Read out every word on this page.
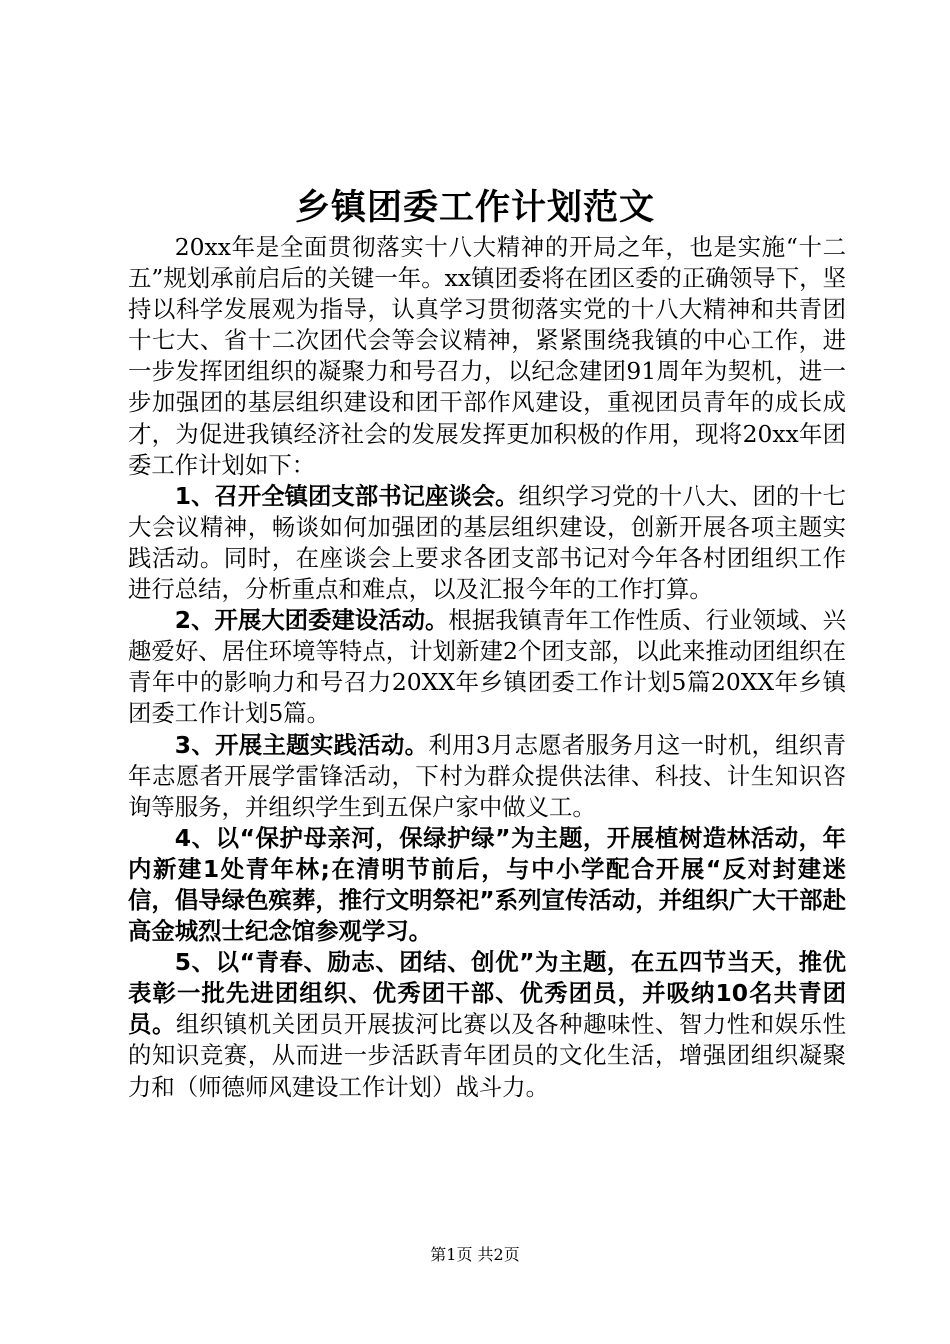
乡镇团委工作计划范文

20xx年是全面贯彻落实十八大精神的开局之年，也是实施“十二五”规划承前启后的关键一年。xx镇团委将在团区委的正确领导下，坚持以科学发展观为指导，认真学习贯彻落实党的十八大精神和共青团十七大、省十二次团代会等会议精神，紧紧围绕我镇的中心工作，进一步发挥团组织的凝聚力和号召力，以纪念建团91周年为契机，进一步加强团的基层组织建设和团干部作风建设，重视团员青年的成长成才，为促进我镇经济社会的发展发挥更加积极的作用，现将20xx年团委工作计划如下：

1、召开全镇团支部书记座谈会。组织学习党的十八大、团的十七大会议精神，畅谈如何加强团的基层组织建设，创新开展各项主题实践活动。同时，在座谈会上要求各团支部书记对今年各村团组织工作进行总结，分析重点和难点，以及汇报今年的工作打算。

2、开展大团委建设活动。根据我镇青年工作性质、行业领域、兴趣爱好、居住环境等特点，计划新建2个团支部，以此来推动团组织在青年中的影响力和号召力20XX年乡镇团委工作计划5篇20XX年乡镇团委工作计划5篇。

3、开展主题实践活动。利用3月志愿者服务月这一时机，组织青年志愿者开展学雷锋活动，下村为群众提供法律、科技、计生知识咨询等服务，并组织学生到五保户家中做义工。

4、以“保护母亲河，保绿护绿”为主题，开展植树造林活动，年内新建1处青年林;在清明节前后，与中小学配合开展“反对封建迷信，倡导绿色殡葬，推行文明祭祀”系列宣传活动，并组织广大干部赴高金城烈士纪念馆参观学习。

5、以“青春、励志、团结、创优”为主题，在五四节当天，推优表彰一批先进团组织、优秀团干部、优秀团员，并吸纳10名共青团员。组织镇机关团员开展拔河比赛以及各种趣味性、智力性和娱乐性的知识竞赛，从而进一步活跃青年团员的文化生活，增强团组织凝聚力和（师德师风建设工作计划）战斗力。

第1页 共2页
